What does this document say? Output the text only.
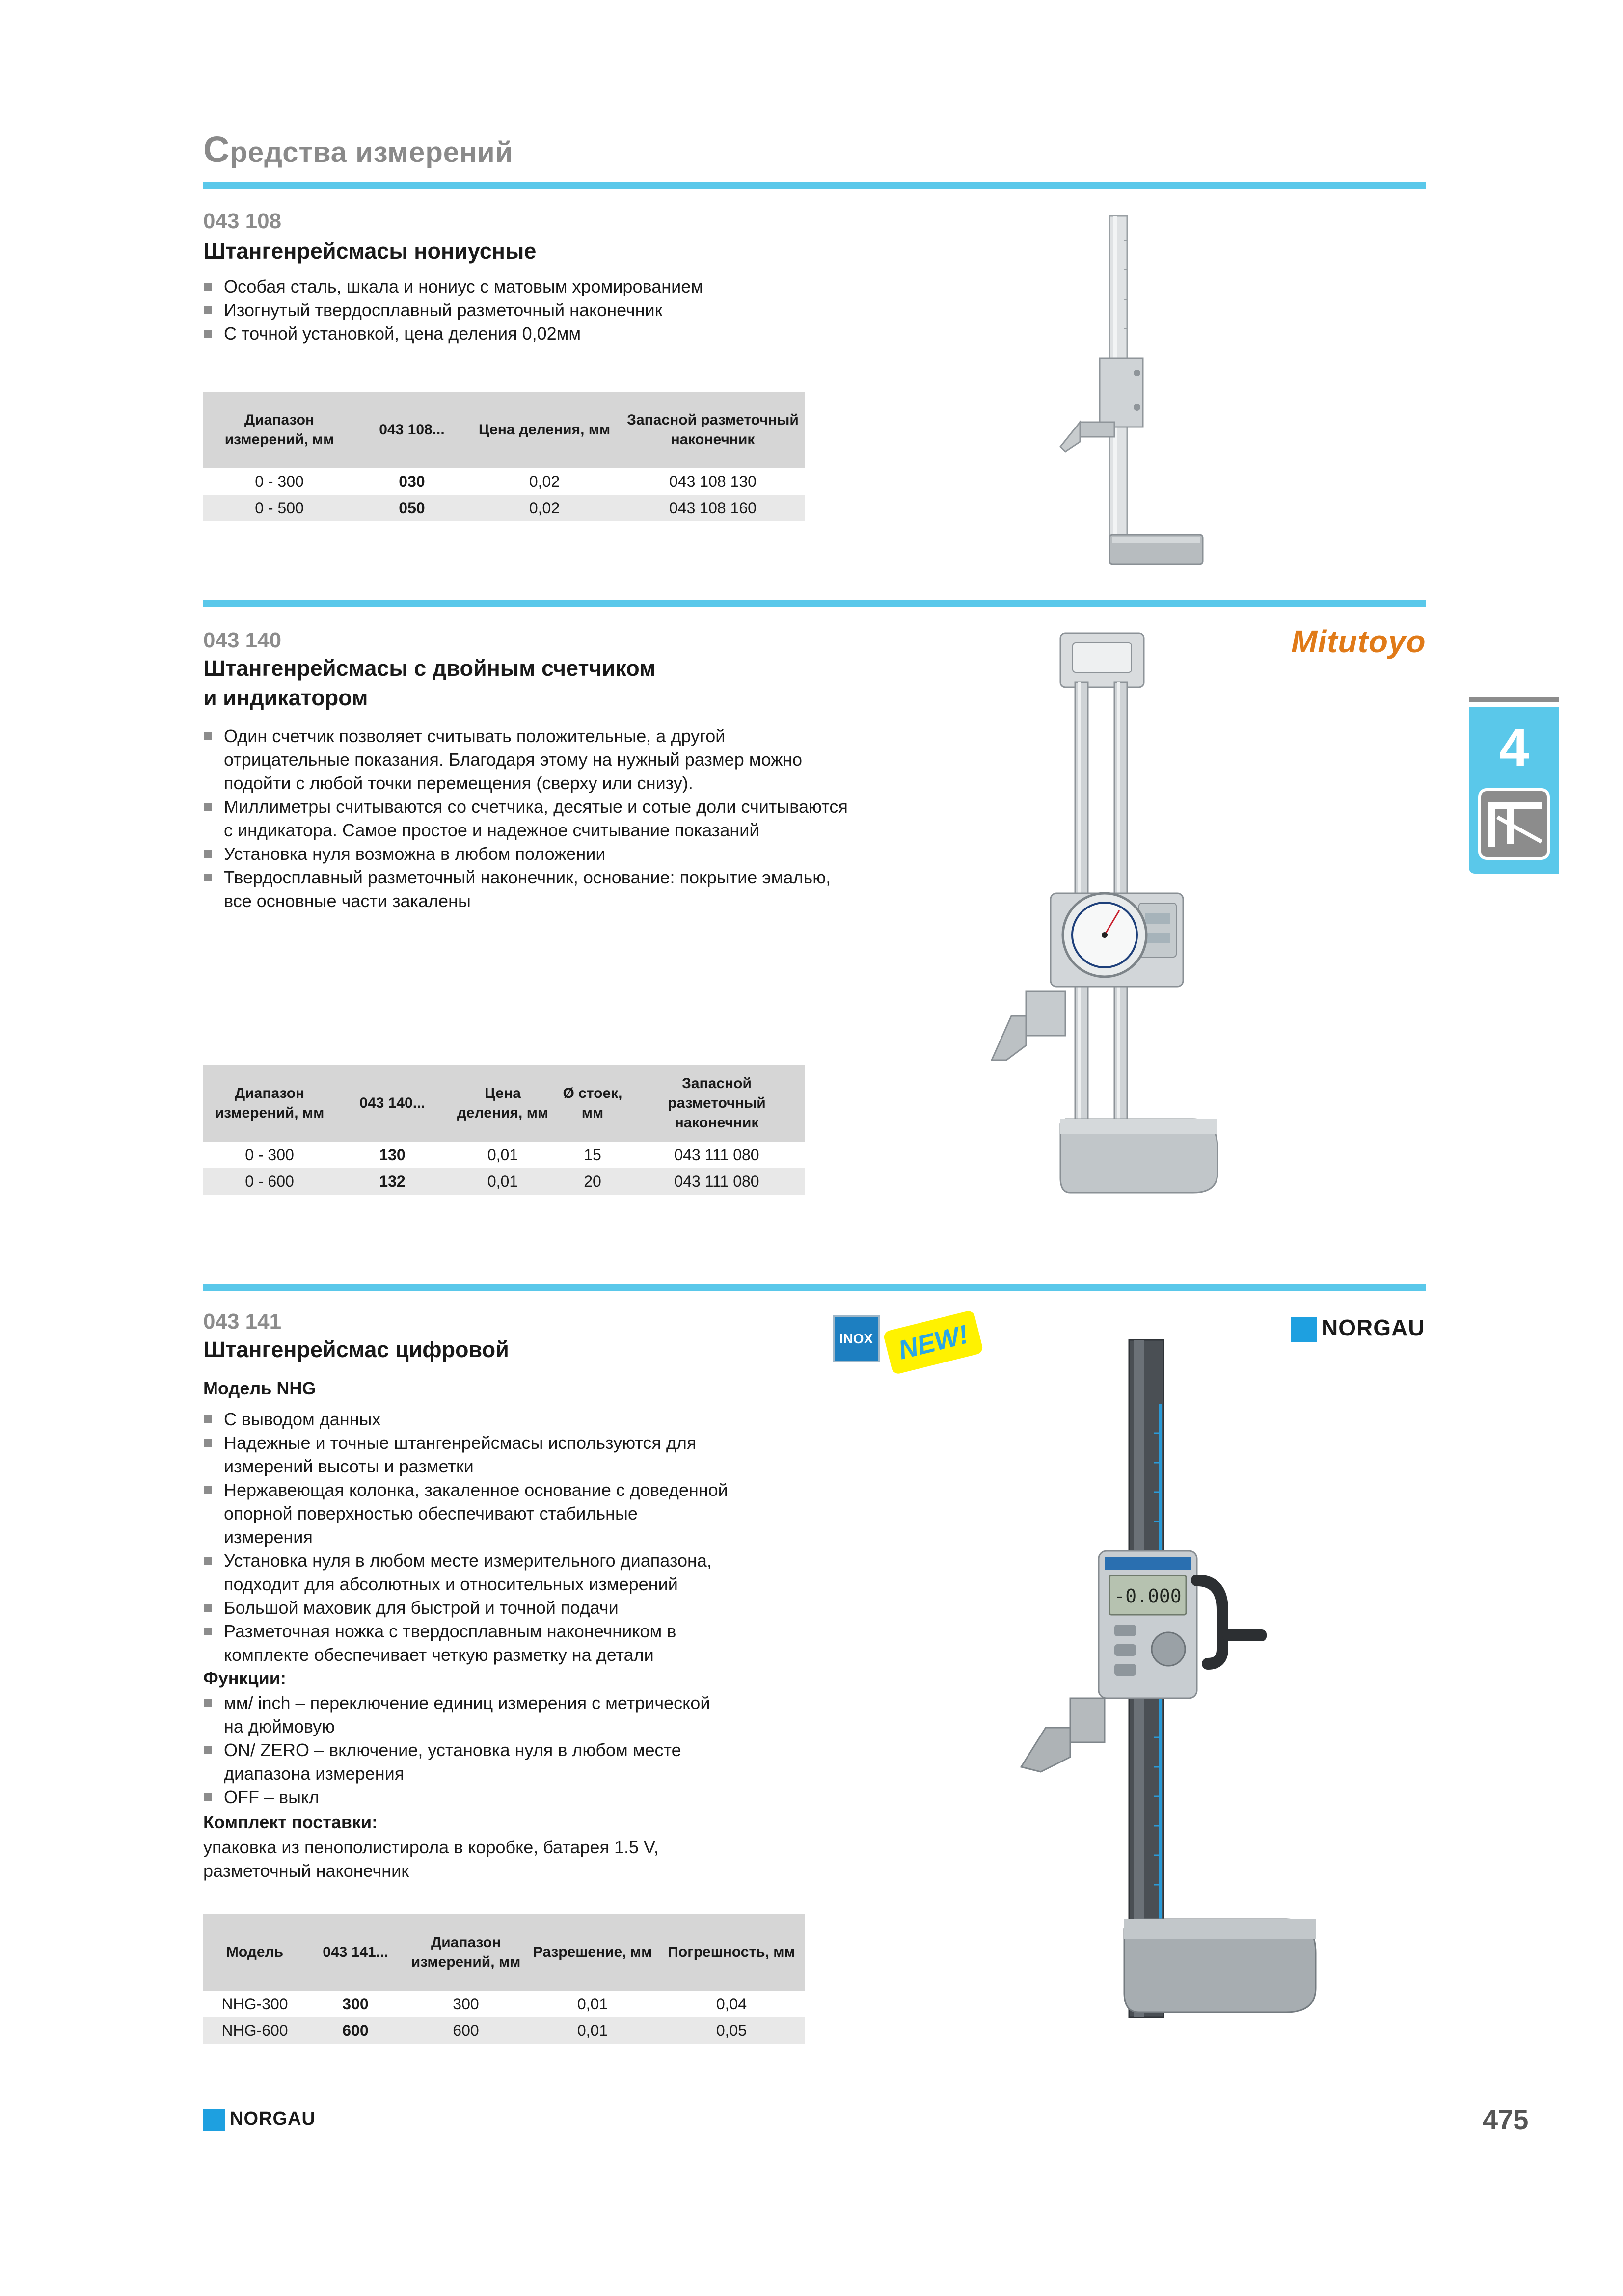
Средства измерений
043 108
Штангенрейсмасы нониусные
Особая сталь, шкала и нониус с матовым хромированием
Изогнутый твердосплавный разметочный наконечник
С точной установкой, цена деления 0,02мм
Диапазон измерений, мм	043 108...	Цена деления, мм	Запасной разметочный наконечник
0 - 300	030	0,02	043 108 130
0 - 500	050	0,02	043 108 160
043 140
Штангенрейсмасы с двойным счетчиком
и индикатором
Mitutoyo
Один счетчик позволяет считывать положительные, а другой
отрицательные показания. Благодаря этому на нужный размер можно
подойти с любой точки перемещения (сверху или снизу).
Миллиметры считываются со счетчика, десятые и сотые доли считываются
с индикатора. Самое простое и надежное считывание показаний
Установка нуля возможна в любом положении
Твердосплавный разметочный наконечник, основание: покрытие эмалью,
все основные части закалены
Диапазон измерений, мм	043 140...	Цена деления, мм	Ø стоек, мм	Запасной разметочный наконечник
0 - 300	130	0,01	15	043 111 080
0 - 600	132	0,01	20	043 111 080
4
043 141
Штангенрейсмас цифровой
Модель NHG
INOX NEW!	NORGAU
С выводом данных
Надежные и точные штангенрейсмасы используются для
измерений высоты и разметки
Нержавеющая колонка, закаленное основание с доведенной
опорной поверхностью обеспечивают стабильные
измерения
Установка нуля в любом месте измерительного диапазона,
подходит для абсолютных и относительных измерений
Большой маховик для быстрой и точной подачи
Разметочная ножка с твердосплавным наконечником в
комплекте обеспечивает четкую разметку на детали
Функции:
мм/ inch – переключение единиц измерения с метрической
на дюймовую
ON/ ZERO – включение, установка нуля в любом месте
диапазона измерения
OFF – выкл
Комплект поставки:
упаковка из пенополистирола в коробке, батарея 1.5 V,
разметочный наконечник
Модель	043 141...	Диапазон измерений, мм	Разрешение, мм	Погрешность, мм
NHG-300	300	300	0,01	0,04
NHG-600	600	600	0,01	0,05
-0.000
NORGAU	475
